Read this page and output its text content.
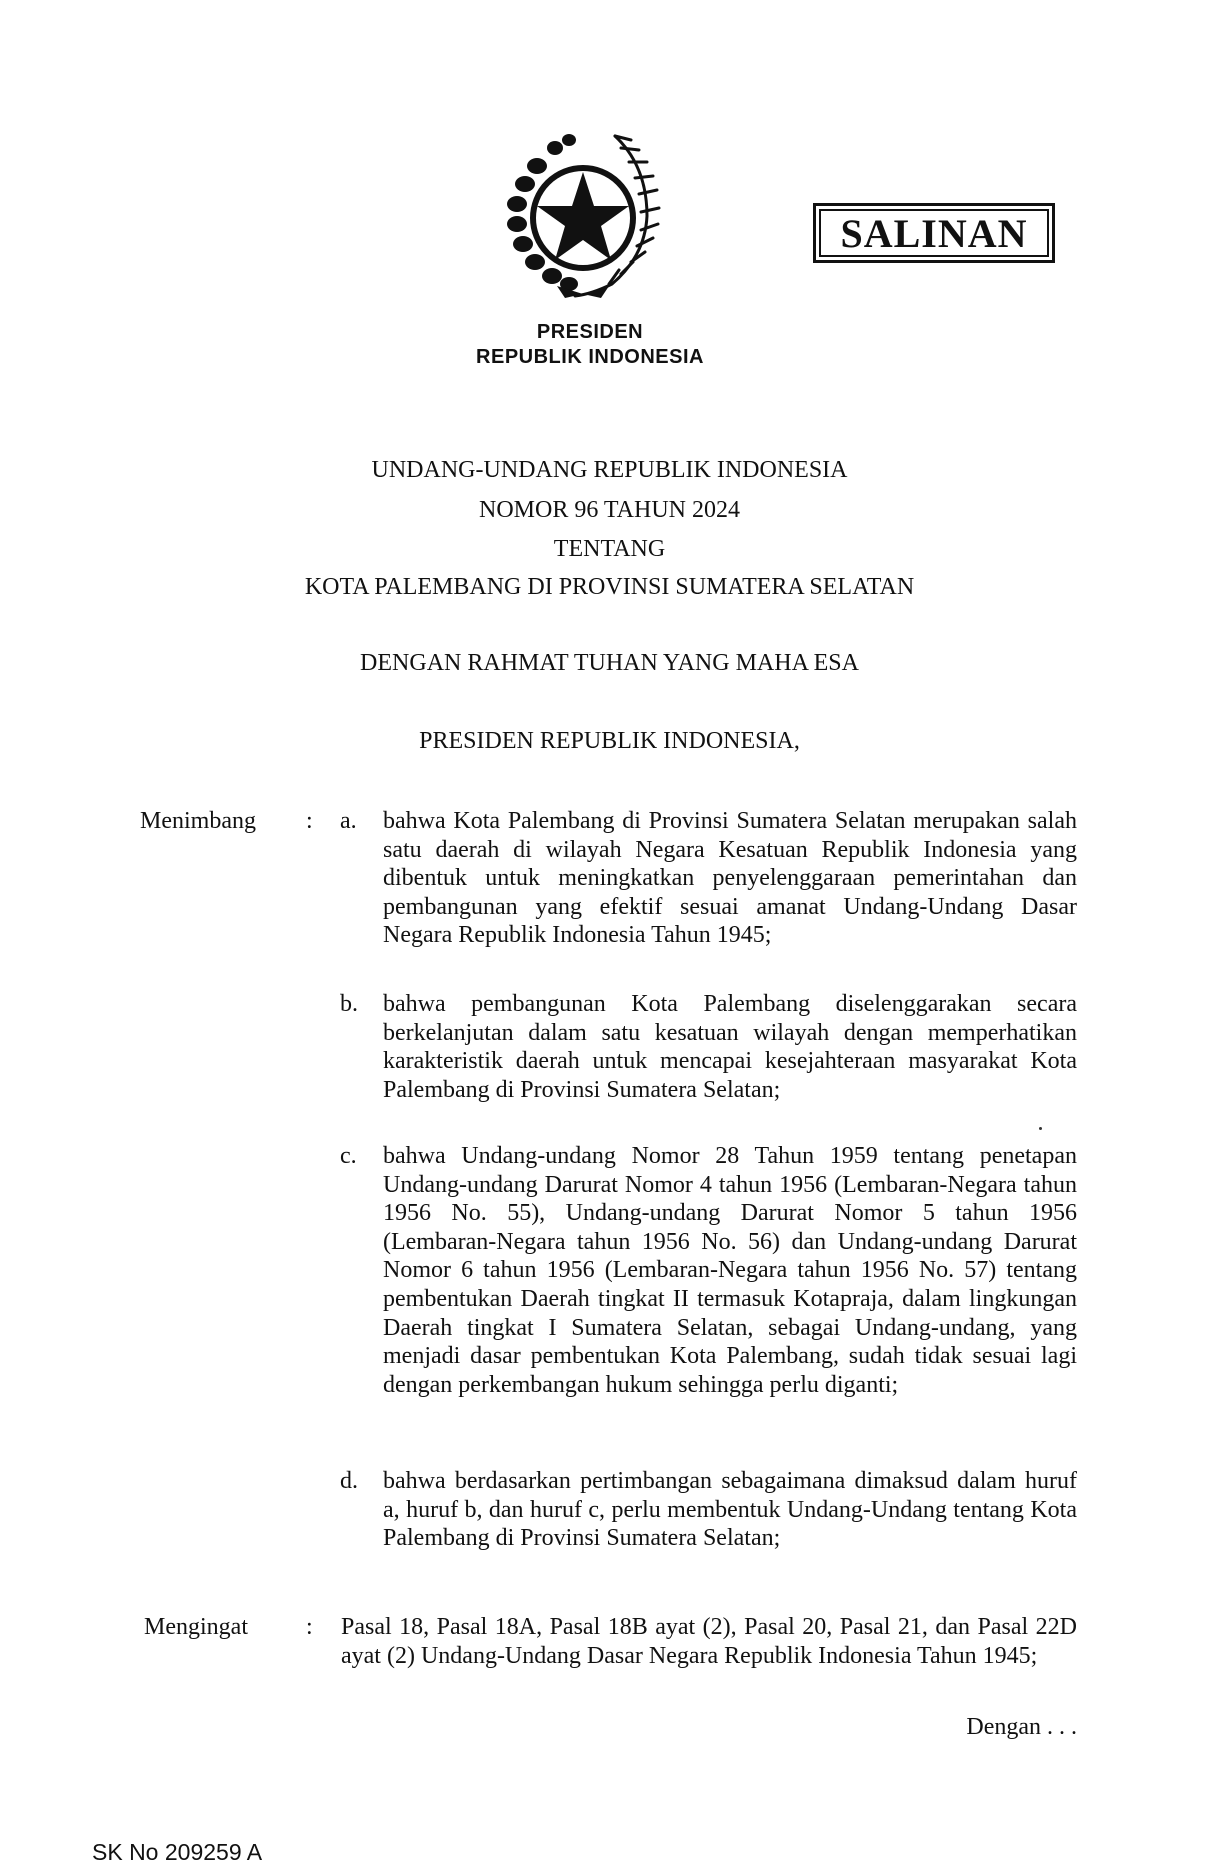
PRESIDEN
REPUBLIK INDONESIA
SALINAN
UNDANG-UNDANG REPUBLIK INDONESIA
NOMOR 96 TAHUN 2024
TENTANG
KOTA PALEMBANG DI PROVINSI SUMATERA SELATAN
DENGAN RAHMAT TUHAN YANG MAHA ESA
PRESIDEN REPUBLIK INDONESIA,
Menimbang : a. bahwa Kota Palembang di Provinsi Sumatera Selatan merupakan salah satu daerah di wilayah Negara Kesatuan Republik Indonesia yang dibentuk untuk meningkatkan penyelenggaraan pemerintahan dan pembangunan yang efektif sesuai amanat Undang-Undang Dasar Negara Republik Indonesia Tahun 1945;
b. bahwa pembangunan Kota Palembang diselenggarakan secara berkelanjutan dalam satu kesatuan wilayah dengan memperhatikan karakteristik daerah untuk mencapai kesejahteraan masyarakat Kota Palembang di Provinsi Sumatera Selatan;
c. bahwa Undang-undang Nomor 28 Tahun 1959 tentang penetapan Undang-undang Darurat Nomor 4 tahun 1956 (Lembaran-Negara tahun 1956 No. 55), Undang-undang Darurat Nomor 5 tahun 1956 (Lembaran-Negara tahun 1956 No. 56) dan Undang-undang Darurat Nomor 6 tahun 1956 (Lembaran-Negara tahun 1956 No. 57) tentang pembentukan Daerah tingkat II termasuk Kotapraja, dalam lingkungan Daerah tingkat I Sumatera Selatan, sebagai Undang-undang, yang menjadi dasar pembentukan Kota Palembang, sudah tidak sesuai lagi dengan perkembangan hukum sehingga perlu diganti;
d. bahwa berdasarkan pertimbangan sebagaimana dimaksud dalam huruf a, huruf b, dan huruf c, perlu membentuk Undang-Undang tentang Kota Palembang di Provinsi Sumatera Selatan;
Mengingat : Pasal 18, Pasal 18A, Pasal 18B ayat (2), Pasal 20, Pasal 21, dan Pasal 22D ayat (2) Undang-Undang Dasar Negara Republik Indonesia Tahun 1945;
Dengan . . .
SK No 209259 A
